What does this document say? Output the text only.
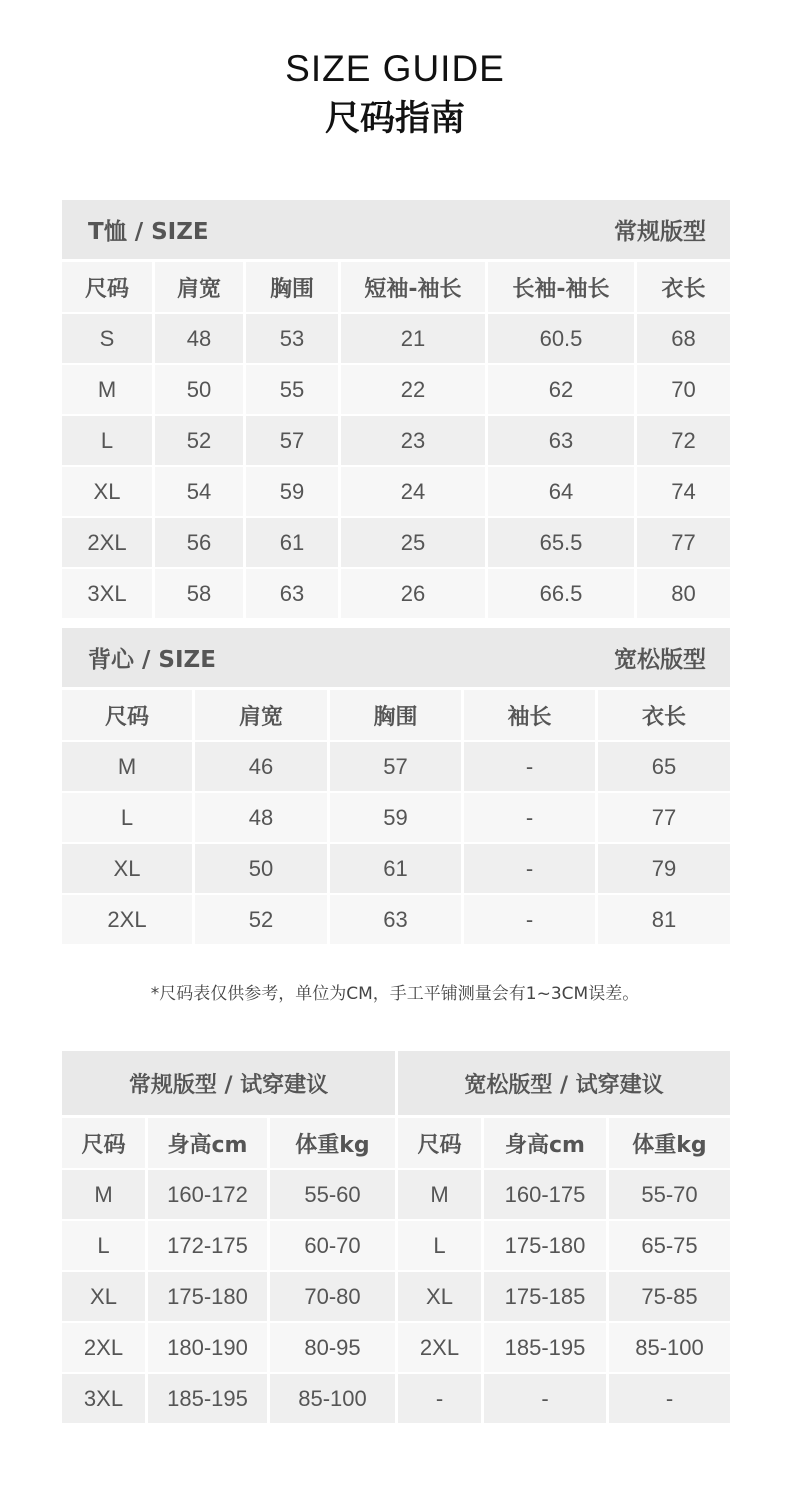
SIZE GUIDE
尺码指南
T恤 / SIZE	常规版型
尺码	肩宽	胸围	短袖-袖长	长袖-袖长	衣长
S	48	53	21	60.5	68
M	50	55	22	62	70
L	52	57	23	63	72
XL	54	59	24	64	74
2XL	56	61	25	65.5	77
3XL	58	63	26	66.5	80
背心 / SIZE	宽松版型
尺码	肩宽	胸围	袖长	衣长
M	46	57	-	65
L	48	59	-	77
XL	50	61	-	79
2XL	52	63	-	81
*尺码表仅供参考，单位为CM，手工平铺测量会有1~3CM误差。
常规版型 / 试穿建议	宽松版型 / 试穿建议
尺码	身高cm	体重kg	尺码	身高cm	体重kg
M	160-172	55-60	M	160-175	55-70
L	172-175	60-70	L	175-180	65-75
XL	175-180	70-80	XL	175-185	75-85
2XL	180-190	80-95	2XL	185-195	85-100
3XL	185-195	85-100	-	-	-
